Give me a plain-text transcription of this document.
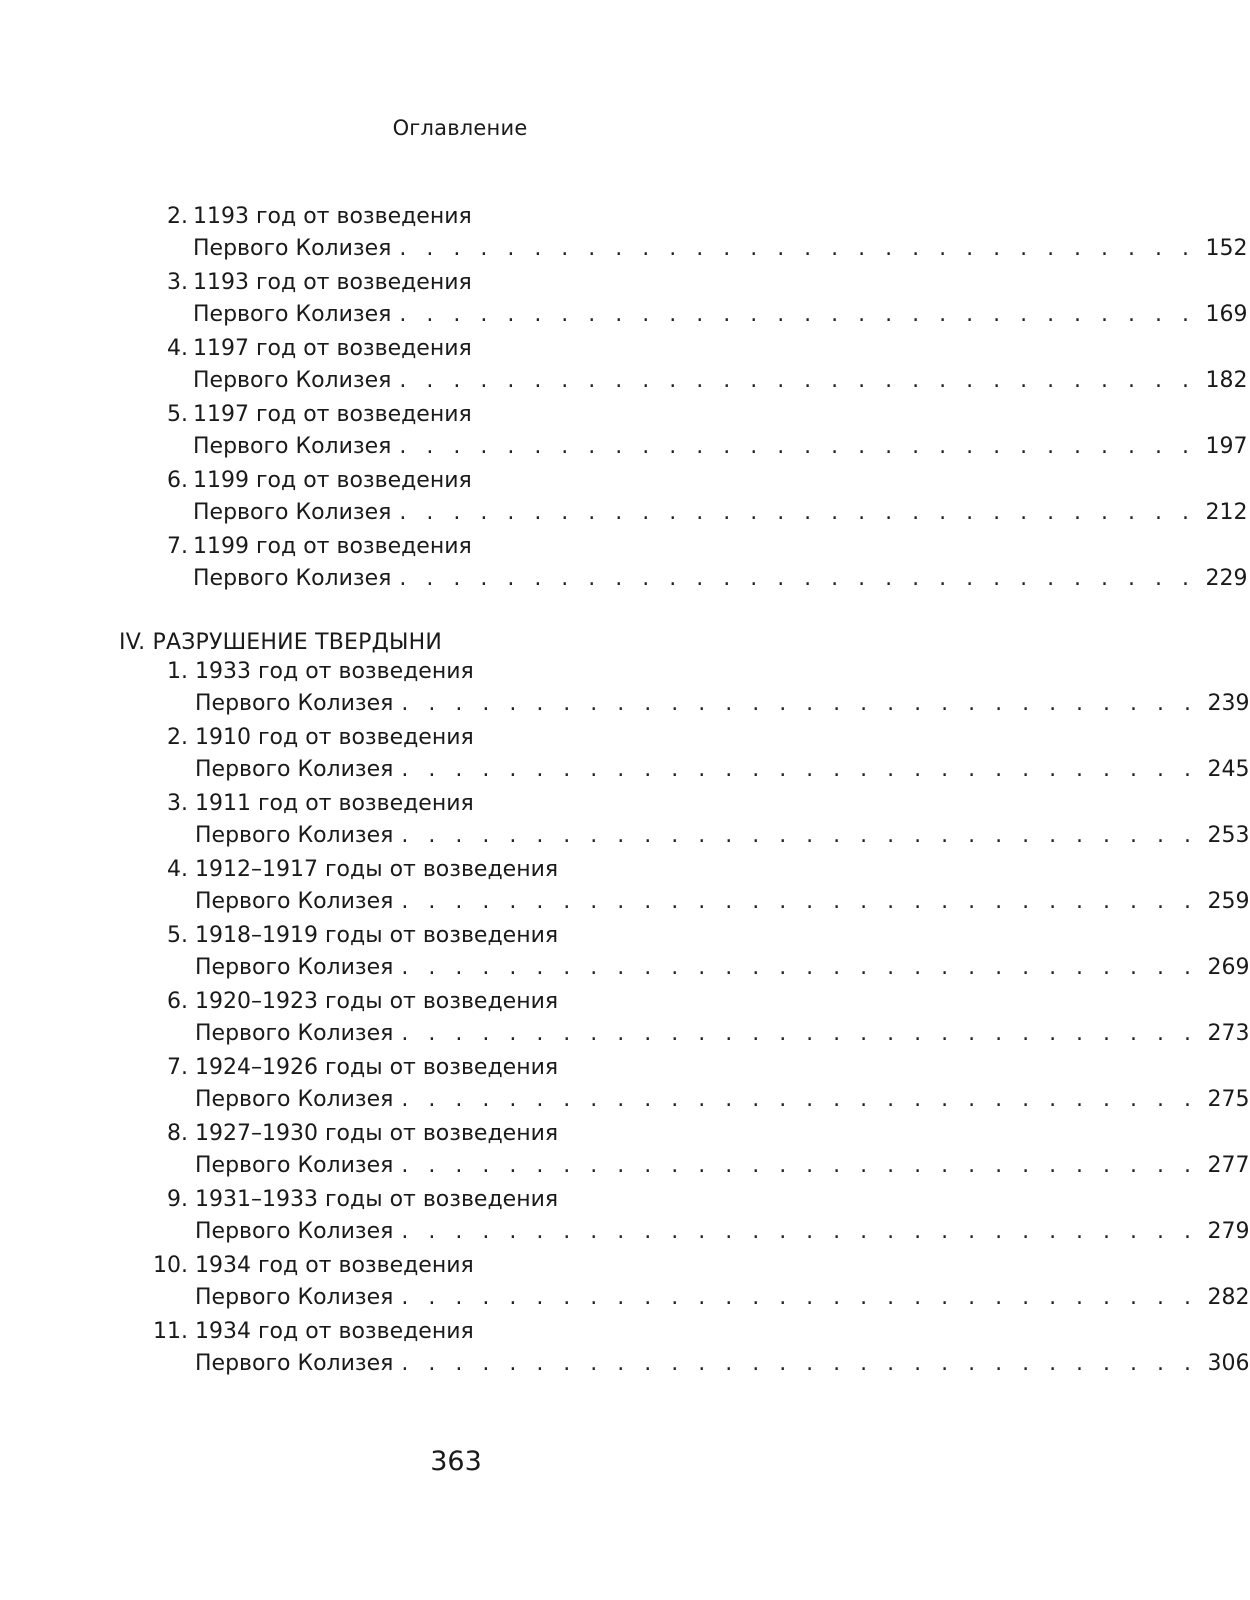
Оглавление
2. 1193 год от возведения
Первого Колизея . . . . . . . . . . . . . . . . . . . . . . . . . . . . . . 152
3. 1193 год от возведения
Первого Колизея . . . . . . . . . . . . . . . . . . . . . . . . . . . . . . 169
4. 1197 год от возведения
Первого Колизея . . . . . . . . . . . . . . . . . . . . . . . . . . . . . . 182
5. 1197 год от возведения
Первого Колизея . . . . . . . . . . . . . . . . . . . . . . . . . . . . . . 197
6. 1199 год от возведения
Первого Колизея . . . . . . . . . . . . . . . . . . . . . . . . . . . . . . 212
7. 1199 год от возведения
Первого Колизея . . . . . . . . . . . . . . . . . . . . . . . . . . . . . . 229
IV. РАЗРУШЕНИЕ ТВЕРДЫНИ
1. 1933 год от возведения
Первого Колизея . . . . . . . . . . . . . . . . . . . . . . . . . . . . . . 239
2. 1910 год от возведения
Первого Колизея . . . . . . . . . . . . . . . . . . . . . . . . . . . . . . 245
3. 1911 год от возведения
Первого Колизея . . . . . . . . . . . . . . . . . . . . . . . . . . . . . . 253
4. 1912–1917 годы от возведения
Первого Колизея . . . . . . . . . . . . . . . . . . . . . . . . . . . . . . 259
5. 1918–1919 годы от возведения
Первого Колизея . . . . . . . . . . . . . . . . . . . . . . . . . . . . . . 269
6. 1920–1923 годы от возведения
Первого Колизея . . . . . . . . . . . . . . . . . . . . . . . . . . . . . . 273
7. 1924–1926 годы от возведения
Первого Колизея . . . . . . . . . . . . . . . . . . . . . . . . . . . . . . 275
8. 1927–1930 годы от возведения
Первого Колизея . . . . . . . . . . . . . . . . . . . . . . . . . . . . . . 277
9. 1931–1933 годы от возведения
Первого Колизея . . . . . . . . . . . . . . . . . . . . . . . . . . . . . . 279
10. 1934 год от возведения
Первого Колизея . . . . . . . . . . . . . . . . . . . . . . . . . . . . . . 282
11. 1934 год от возведения
Первого Колизея . . . . . . . . . . . . . . . . . . . . . . . . . . . . . . 306
363
